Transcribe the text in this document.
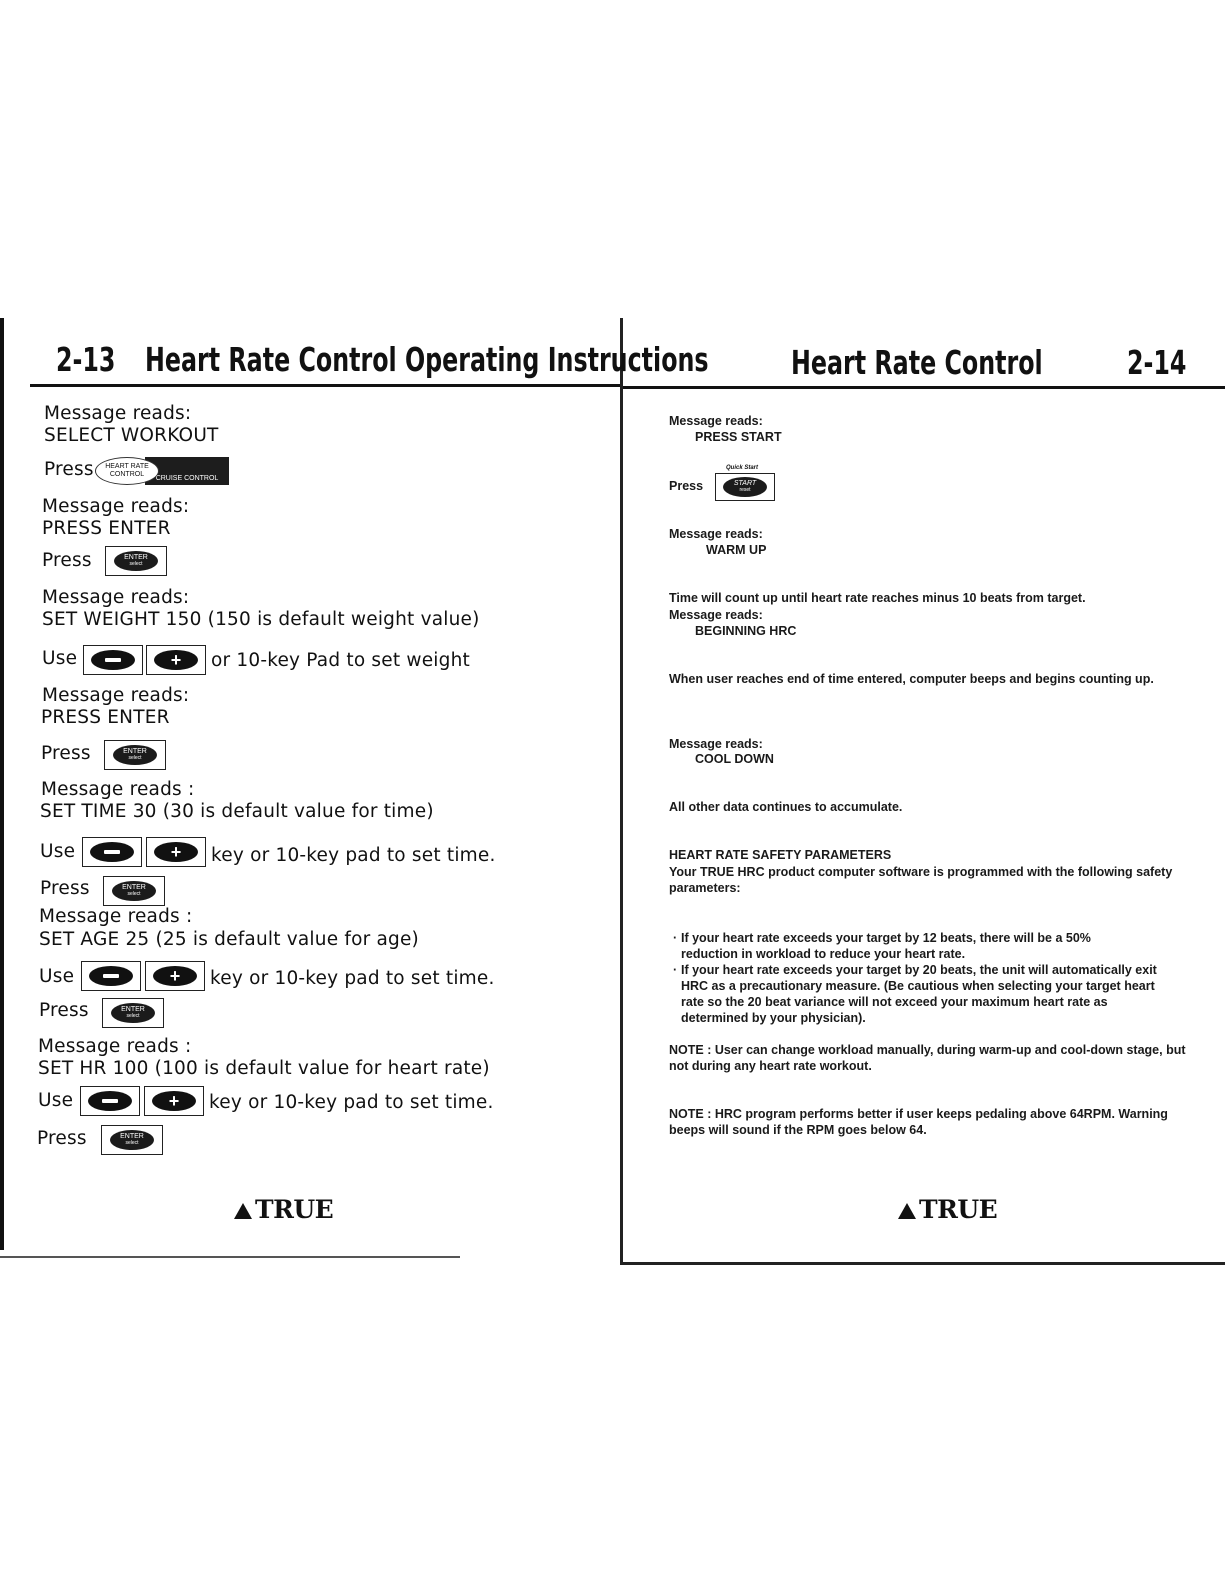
2-13 Heart Rate Control Operating Instructions
Message reads:
SELECT WORKOUT
Press	CRUISE CONTROL
HEART RATE
CONTROL
Message reads:
PRESS ENTER
Press	ENTER
select
Message reads:
SET WEIGHT 150 (150 is default weight value)
Use	+	or 10-key Pad to set weight
Message reads:
PRESS ENTER
Press	ENTER
select
Message reads :
SET TIME 30 (30 is default value for time)
Use	+	key or 10-key pad to set time.
Press	ENTER
select
Message reads :
SET AGE 25 (25 is default value for age)
Use	+	key or 10-key pad to set time.
Press	ENTER
select
Message reads :
SET HR 100 (100 is default value for heart rate)
Use	+	key or 10-key pad to set time.
Press	ENTER
select
TRUE
Heart Rate Control	2-14
Message reads:
PRESS START
Quick Start
Press	START
reset
Message reads:
WARM UP
Time will count up until heart rate reaches minus 10 beats from target.
Message reads:
BEGINNING HRC
When user reaches end of time entered, computer beeps and begins counting up.
Message reads:
COOL DOWN
All other data continues to accumulate.
HEART RATE SAFETY PARAMETERS
Your TRUE HRC product computer software is programmed with the following safety parameters:
· If your heart rate exceeds your target by 12 beats, there will be a 50% reduction in workload to reduce your heart rate.
· If your heart rate exceeds your target by 20 beats, the unit will automatically exit HRC as a precautionary measure. (Be cautious when selecting your target heart rate so the 20 beat variance will not exceed your maximum heart rate as determined by your physician).
NOTE : User can change workload manually, during warm-up and cool-down stage, but not during any heart rate workout.
NOTE : HRC program performs better if user keeps pedaling above 64RPM. Warning beeps will sound if the RPM goes below 64.
TRUE
